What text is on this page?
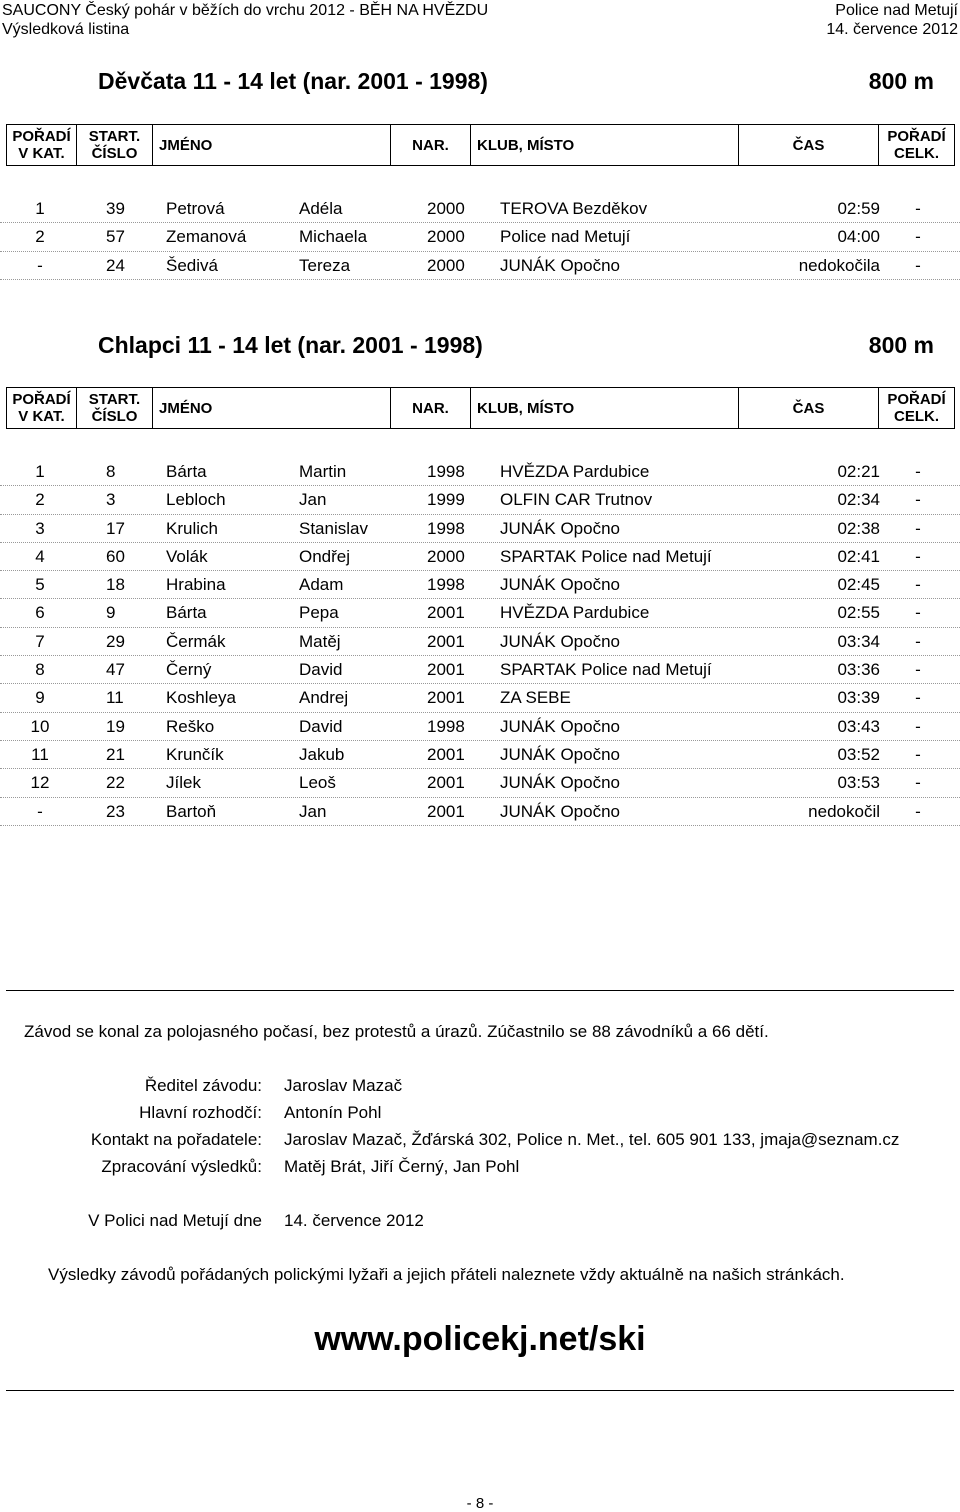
SAUCONY Český pohár v běžích do vrchu 2012 - BĚH NA HVĚZDU
Výsledková listina
Police nad Metují
14. července 2012
Děvčata 11 - 14 let (nar. 2001 - 1998)	800 m
POŘADÍ
V KAT.	START.
ČÍSLO	JMÉNO	NAR.	KLUB, MÍSTO	ČAS	POŘADÍ
CELK.
1	39 Petrová	Adéla	2000 TEROVA Bezděkov	02:59	-
2	57 Zemanová	Michaela	2000 Police nad Metují	04:00	-
-	24 Šedivá	Tereza	2000 JUNÁK Opočno	nedokočila	-
Chlapci 11 - 14 let (nar. 2001 - 1998)	800 m
POŘADÍ
V KAT.	START.
ČÍSLO	JMÉNO	NAR.	KLUB, MÍSTO	ČAS	POŘADÍ
CELK.
1	8	Bárta	Martin	1998 HVĚZDA Pardubice	02:21	-
2	3	Lebloch	Jan	1999 OLFIN CAR Trutnov	02:34	-
3	17 Krulich	Stanislav	1998 JUNÁK Opočno	02:38	-
4	60 Volák	Ondřej	2000 SPARTAK Police nad Metují	02:41	-
5	18 Hrabina	Adam	1998 JUNÁK Opočno	02:45	-
6	9	Bárta	Pepa	2001 HVĚZDA Pardubice	02:55	-
7	29 Čermák	Matěj	2001 JUNÁK Opočno	03:34	-
8	47 Černý	David	2001 SPARTAK Police nad Metují	03:36	-
9	11 Koshleya	Andrej	2001 ZA SEBE	03:39	-
10	19 Reško	David	1998 JUNÁK Opočno	03:43	-
11	21 Krunčík	Jakub	2001 JUNÁK Opočno	03:52	-
12	22 Jílek	Leoš	2001 JUNÁK Opočno	03:53	-
-	23 Bartoň	Jan	2001 JUNÁK Opočno	nedokočil	-
Závod se konal za polojasného počasí, bez protestů a úrazů. Zúčastnilo se 88 závodníků a 66 dětí.
Ředitel závodu: Jaroslav Mazač
Hlavní rozhodčí: Antonín Pohl
Kontakt na pořadatele: Jaroslav Mazač, Žďárská 302, Police n. Met., tel. 605 901 133, jmaja@seznam.cz
Zpracování výsledků: Matěj Brát, Jiří Černý, Jan Pohl
V Polici nad Metují dne 14. července 2012
Výsledky závodů pořádaných polickými lyžaři a jejich přáteli naleznete vždy aktuálně na našich stránkách.
www.policekj.net/ski
- 8 -
